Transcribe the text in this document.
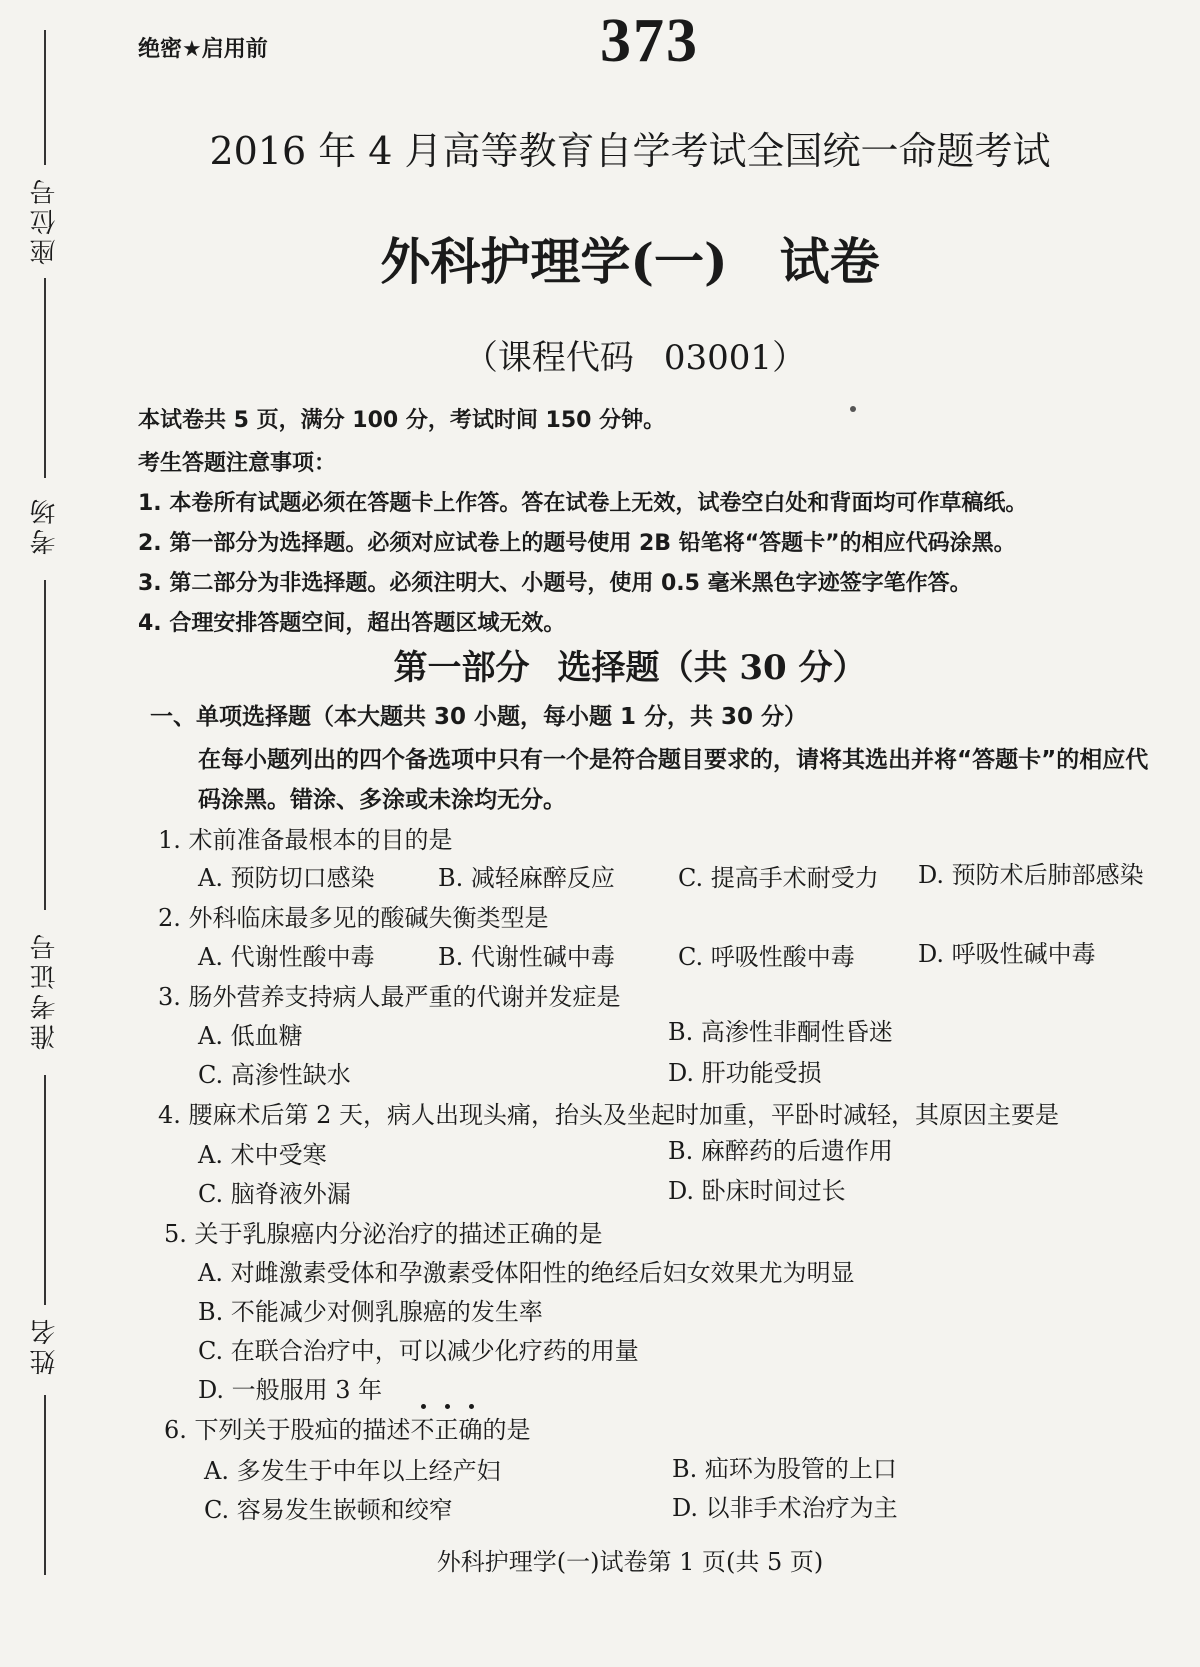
座位号
考场
准考证号
姓名
绝密★启用前	373
2016 年 4 月高等教育自学考试全国统一命题考试
外科护理学(一) 试卷
（课程代码 03001）
本试卷共 5 页，满分 100 分，考试时间 150 分钟。
考生答题注意事项：
1. 本卷所有试题必须在答题卡上作答。答在试卷上无效，试卷空白处和背面均可作草稿纸。
2. 第一部分为选择题。必须对应试卷上的题号使用 2B 铅笔将“答题卡”的相应代码涂黑。
3. 第二部分为非选择题。必须注明大、小题号，使用 0.5 毫米黑色字迹签字笔作答。
4. 合理安排答题空间，超出答题区域无效。
第一部分 选择题（共 30 分）
一、单项选择题（本大题共 30 小题，每小题 1 分，共 30 分）
在每小题列出的四个备选项中只有一个是符合题目要求的，请将其选出并将“答题卡”的相应代码涂黑。错涂、多涂或未涂均无分。
1. 术前准备最根本的目的是
A. 预防切口感染	B. 减轻麻醉反应	C. 提高手术耐受力 D. 预防术后肺部感染
2. 外科临床最多见的酸碱失衡类型是
A. 代谢性酸中毒	B. 代谢性碱中毒	C. 呼吸性酸中毒	D. 呼吸性碱中毒
3. 肠外营养支持病人最严重的代谢并发症是
A. 低血糖	B. 高渗性非酮性昏迷
C. 高渗性缺水	D. 肝功能受损
4. 腰麻术后第 2 天，病人出现头痛，抬头及坐起时加重，平卧时减轻，其原因主要是
A. 术中受寒	B. 麻醉药的后遗作用
C. 脑脊液外漏	D. 卧床时间过长
5. 关于乳腺癌内分泌治疗的描述正确的是
A. 对雌激素受体和孕激素受体阳性的绝经后妇女效果尤为明显
B. 不能减少对侧乳腺癌的发生率
C. 在联合治疗中，可以减少化疗药的用量
D. 一般服用 3 年
6. 下列关于股疝的描述不正确的是
A. 多发生于中年以上经产妇	B. 疝环为股管的上口
C. 容易发生嵌顿和绞窄	D. 以非手术治疗为主
外科护理学(一)试卷第 1 页(共 5 页)
